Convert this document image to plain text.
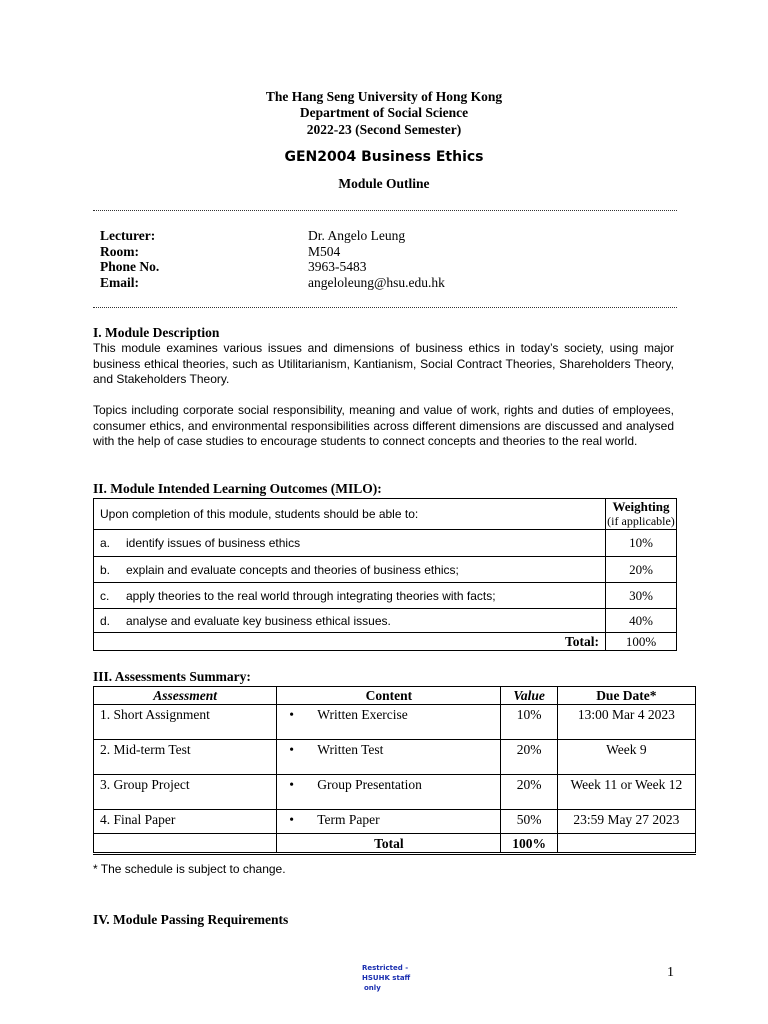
The Hang Seng University of Hong Kong
Department of Social Science
2022-23 (Second Semester)
GEN2004 Business Ethics
Module Outline
Lecturer:	Dr. Angelo Leung
Room:	M504
Phone No.	3963-5483
Email:	angeloleung@hsu.edu.hk
I. Module Description
This module examines various issues and dimensions of business ethics in today’s society, using major business ethical theories, such as Utilitarianism, Kantianism, Social Contract Theories, Shareholders Theory, and Stakeholders Theory.
Topics including corporate social responsibility, meaning and value of work, rights and duties of employees, consumer ethics, and environmental responsibilities across different dimensions are discussed and analysed with the help of case studies to encourage students to connect concepts and theories to the real world.
II. Module Intended Learning Outcomes (MILO):
Upon completion of this module, students should be able to:	Weighting
(if applicable)

a. identify issues of business ethics	10%
b. explain and evaluate concepts and theories of business ethics;	20%
c. apply theories to the real world through integrating theories with facts;	30%
d. analyse and evaluate key business ethical issues.	40%
Total:	100%
III. Assessments Summary:
Assessment	Content	Value	Due Date*
1. Short Assignment	• Written Exercise	10%	13:00 Mar 4 2023
2. Mid-term Test	• Written Test	20%	Week 9
3. Group Project	• Group Presentation	20%	Week 11 or Week 12
4. Final Paper	• Term Paper	50%	23:59 May 27 2023
	Total	100%	
* The schedule is subject to change.
IV. Module Passing Requirements
Restricted -
HSUHK staff
only
1
